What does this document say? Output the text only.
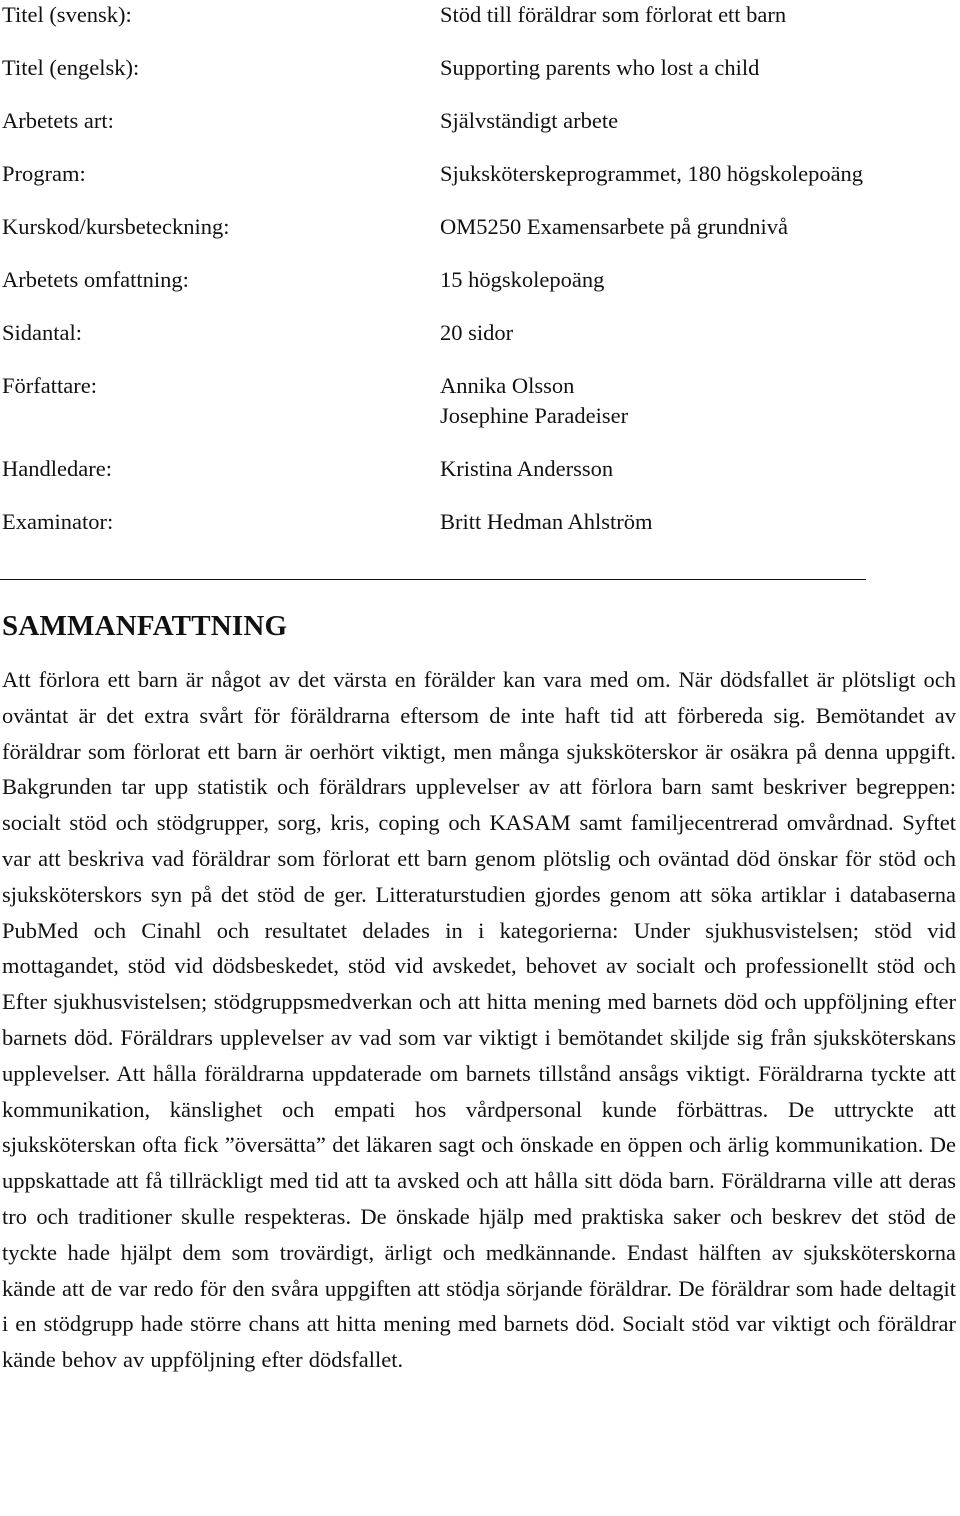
Titel (svensk):	Stöd till föräldrar som förlorat ett barn
Titel (engelsk):	Supporting parents who lost a child
Arbetets art:	Självständigt arbete
Program:	Sjuksköterskeprogrammet, 180 högskolepoäng
Kurskod/kursbeteckning:	OM5250 Examensarbete på grundnivå
Arbetets omfattning:	15 högskolepoäng
Sidantal:	20 sidor
Författare:	Annika Olsson
Josephine Paradeiser
Handledare:	Kristina Andersson
Examinator:	Britt Hedman Ahlström
SAMMANFATTNING

Att förlora ett barn är något av det värsta en förälder kan vara med om. När dödsfallet är plötsligt och oväntat är det extra svårt för föräldrarna eftersom de inte haft tid att förbereda sig. Bemötandet av föräldrar som förlorat ett barn är oerhört viktigt, men många sjuksköterskor är osäkra på denna uppgift. Bakgrunden tar upp statistik och föräldrars upplevelser av att förlora barn samt beskriver begreppen: socialt stöd och stödgrupper, sorg, kris, coping och KASAM samt familjecentrerad omvårdnad. Syftet var att beskriva vad föräldrar som förlorat ett barn genom plötslig och oväntad död önskar för stöd och sjuksköterskors syn på det stöd de ger. Litteraturstudien gjordes genom att söka artiklar i databaserna PubMed och Cinahl och resultatet delades in i kategorierna: Under sjukhusvistelsen; stöd vid mottagandet, stöd vid dödsbeskedet, stöd vid avskedet, behovet av socialt och professionellt stöd och Efter sjukhusvistelsen; stödgruppsmedverkan och att hitta mening med barnets död och uppföljning efter barnets död. Föräldrars upplevelser av vad som var viktigt i bemötandet skiljde sig från sjuksköterskans upplevelser. Att hålla föräldrarna uppdaterade om barnets tillstånd ansågs viktigt. Föräldrarna tyckte att kommunikation, känslighet och empati hos vårdpersonal kunde förbättras. De uttryckte att sjuksköterskan ofta fick ”översätta” det läkaren sagt och önskade en öppen och ärlig kommunikation. De uppskattade att få tillräckligt med tid att ta avsked och att hålla sitt döda barn. Föräldrarna ville att deras tro och traditioner skulle respekteras. De önskade hjälp med praktiska saker och beskrev det stöd de tyckte hade hjälpt dem som trovärdigt, ärligt och medkännande. Endast hälften av sjuksköterskorna kände att de var redo för den svåra uppgiften att stödja sörjande föräldrar. De föräldrar som hade deltagit i en stödgrupp hade större chans att hitta mening med barnets död. Socialt stöd var viktigt och föräldrar kände behov av uppföljning efter dödsfallet.
